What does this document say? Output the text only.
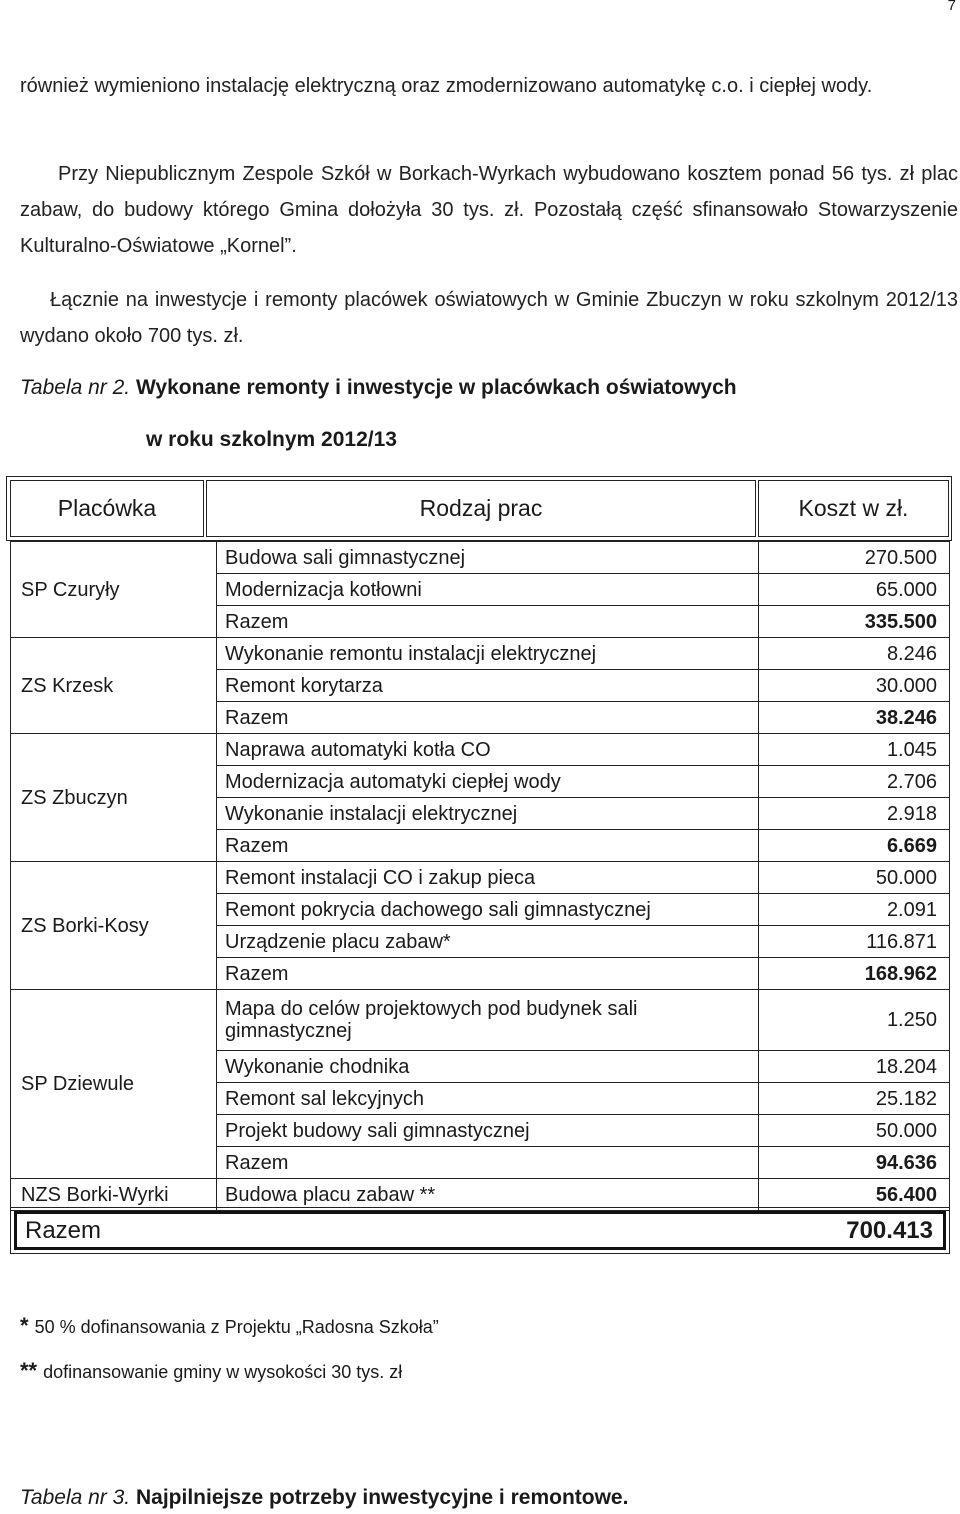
7

również wymieniono instalację elektryczną oraz zmodernizowano automatykę c.o. i ciepłej wody.

Przy Niepublicznym Zespole Szkół w Borkach-Wyrkach wybudowano kosztem ponad 56 tys. zł plac zabaw, do budowy którego Gmina dołożyła 30 tys. zł. Pozostałą część sfinansowało Stowarzyszenie Kulturalno-Oświatowe „Kornel”.

Łącznie na inwestycje i remonty placówek oświatowych w Gminie Zbuczyn w roku szkolnym 2012/13 wydano około 700 tys. zł.

Tabela nr 2. Wykonane remonty i inwestycje w placówkach oświatowych
w roku szkolnym 2012/13
Placówka	Rodzaj prac	Koszt w zł.
SP Czuryły	Budowa sali gimnastycznej	270.500
	Modernizacja kotłowni	65.000
	Razem	335.500
ZS Krzesk	Wykonanie remontu instalacji elektrycznej	8.246
	Remont korytarza	30.000
	Razem	38.246
ZS Zbuczyn	Naprawa automatyki kotła CO	1.045
	Modernizacja automatyki ciepłej wody	2.706
	Wykonanie instalacji elektrycznej	2.918
	Razem	6.669
ZS Borki-Kosy	Remont instalacji CO i zakup pieca	50.000
	Remont pokrycia dachowego sali gimnastycznej	2.091
	Urządzenie placu zabaw*	116.871
	Razem	168.962
SP Dziewule	Mapa do celów projektowych pod budynek sali gimnastycznej	1.250
	Wykonanie chodnika	18.204
	Remont sal lekcyjnych	25.182
	Projekt budowy sali gimnastycznej	50.000
	Razem	94.636
NZS Borki-Wyrki	Budowa placu zabaw **	56.400
Razem	700.413
* 50 % dofinansowania z Projektu „Radosna Szkoła”
** dofinansowanie gminy w wysokości 30 tys. zł
Tabela nr 3. Najpilniejsze potrzeby inwestycyjne i remontowe.
